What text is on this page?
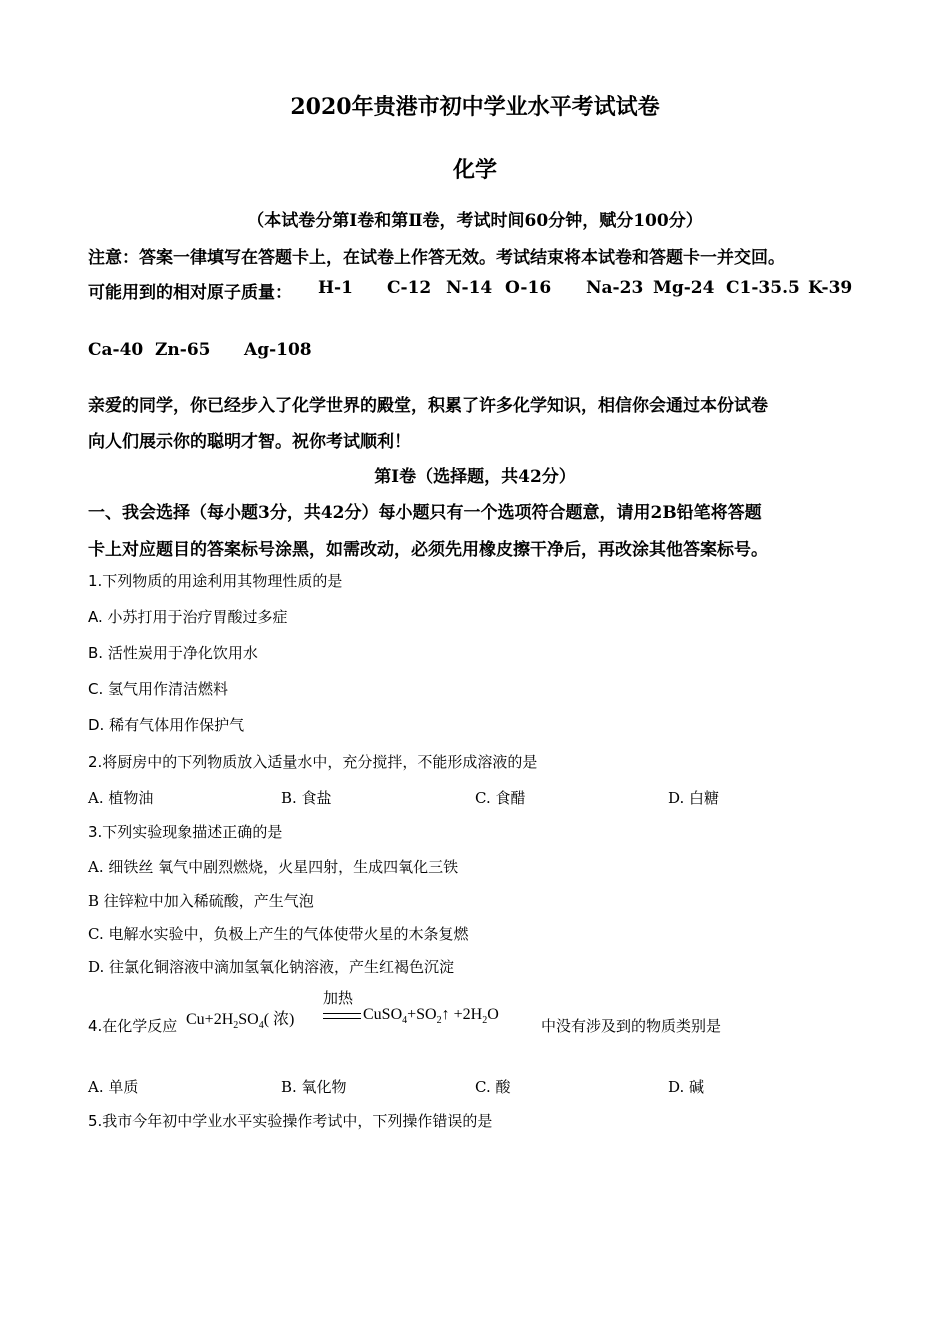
2020年贵港市初中学业水平考试试卷
化学
（本试卷分第Ⅰ卷和第Ⅱ卷，考试时间60分钟，赋分100分）
注意：答案一律填写在答题卡上，在试卷上作答无效。考试结束将本试卷和答题卡一并交回。
可能用到的相对原子质量： H-1 C-12 N-14 O-16 Na-23 Mg-24 C1-35.5 K-39
Ca-40 Zn-65 Ag-108
亲爱的同学，你已经步入了化学世界的殿堂，积累了许多化学知识，相信你会通过本份试卷
向人们展示你的聪明才智。祝你考试顺利！
第I卷（选择题，共42分）
一、我会选择（每小题3分，共42分）每小题只有一个选项符合题意，请用2B铅笔将答题
卡上对应题目的答案标号涂黑，如需改动，必须先用橡皮擦干净后，再改涂其他答案标号。
1.下列物质的用途利用其物理性质的是
A. 小苏打用于治疗胃酸过多症
B. 活性炭用于净化饮用水
C. 氢气用作清洁燃料
D. 稀有气体用作保护气
2.将厨房中的下列物质放入适量水中，充分搅拌，不能形成溶液的是
A. 植物油	B. 食盐	C. 食醋	D. 白糖
3.下列实验现象描述正确的是
A. 细铁丝 氧气中剧烈燃烧，火星四射，生成四氧化三铁
B 往锌粒中加入稀硫酸，产生气泡
C. 电解水实验中，负极上产生的气体使带火星的木条复燃
D. 往氯化铜溶液中滴加氢氧化钠溶液，产生红褐色沉淀
4.在化学反应 $Cu+2H_2SO_4$( 浓)
加热
$CuSO_4+SO_2↑ +2H_2O$
中没有涉及到的物质类别是
A. 单质	B. 氧化物	C. 酸	D. 碱
5.我市今年初中学业水平实验操作考试中，下列操作错误的是
